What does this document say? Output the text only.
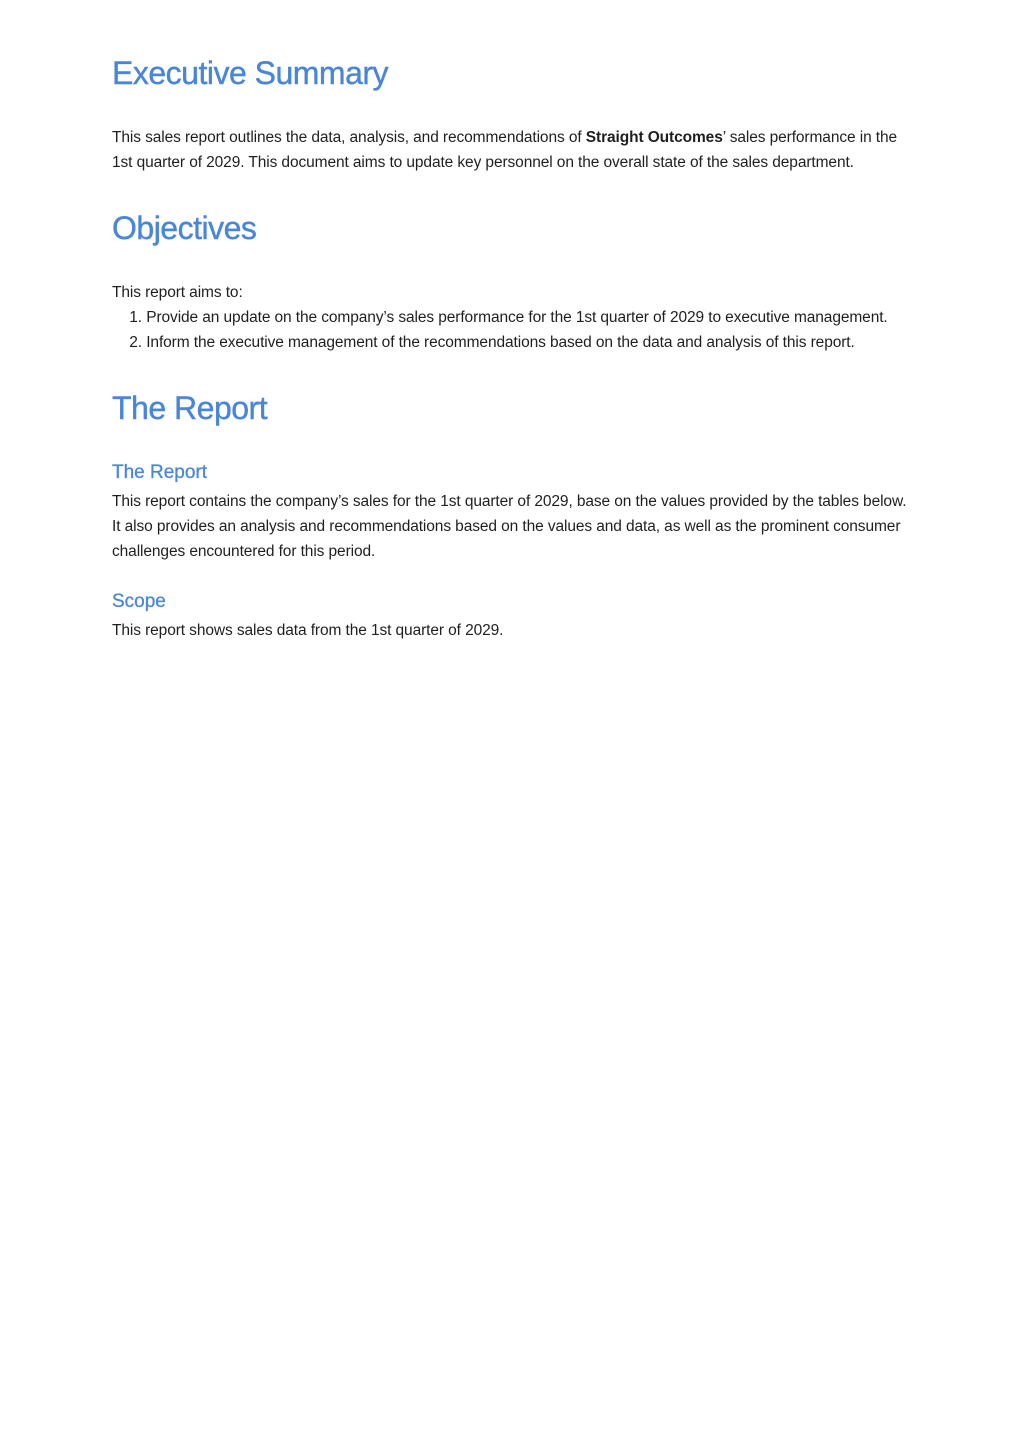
Executive Summary

This sales report outlines the data, analysis, and recommendations of Straight Outcomes’ sales performance in the 1st quarter of 2029. This document aims to update key personnel on the overall state of the sales department.

Objectives

This report aims to:

1. Provide an update on the company’s sales performance for the 1st quarter of 2029 to executive management.
2. Inform the executive management of the recommendations based on the data and analysis of this report.
The Report
The Report

This report contains the company’s sales for the 1st quarter of 2029, base on the values provided by the tables below. It also provides an analysis and recommendations based on the values and data, as well as the prominent consumer challenges encountered for this period.

Scope

This report shows sales data from the 1st quarter of 2029.
